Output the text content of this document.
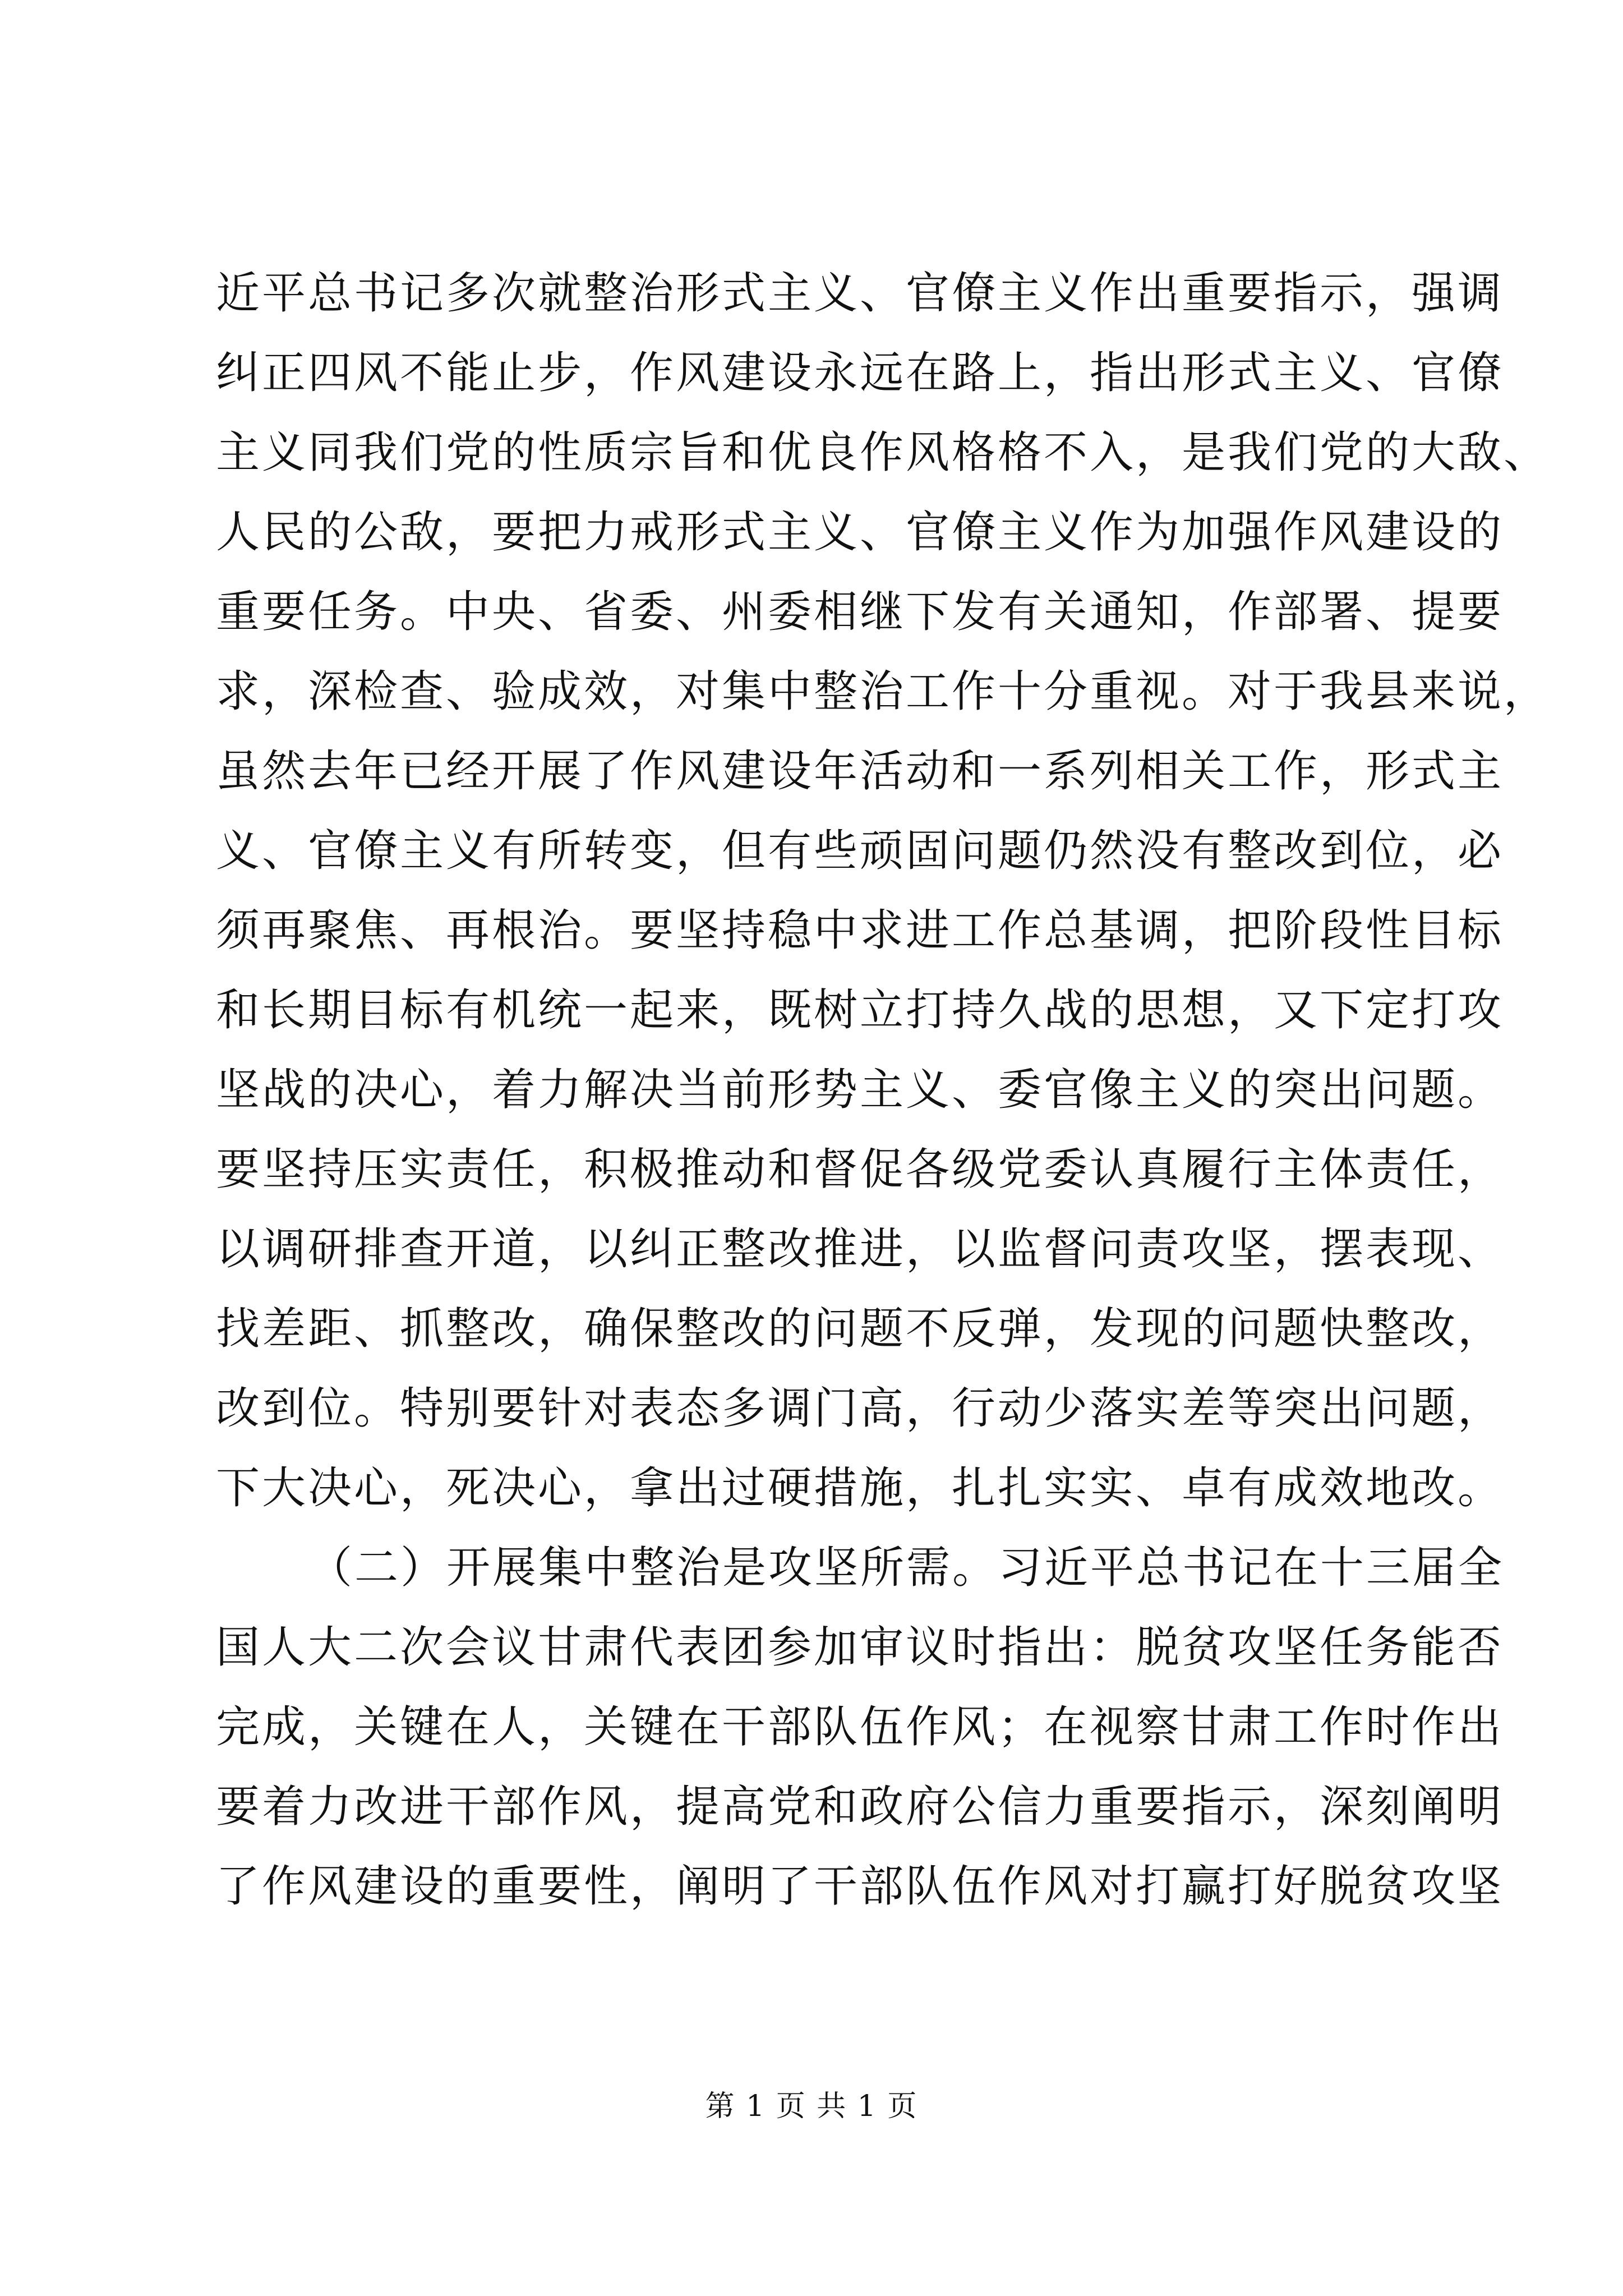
近平总书记多次就整治形式主义、官僚主义作出重要指示，强调
纠正四风不能止步，作风建设永远在路上，指出形式主义、官僚
主义同我们党的性质宗旨和优良作风格格不入，是我们党的大敌、
人民的公敌，要把力戒形式主义、官僚主义作为加强作风建设的
重要任务。中央、省委、州委相继下发有关通知，作部署、提要
求，深检查、验成效，对集中整治工作十分重视。对于我县来说，
虽然去年已经开展了作风建设年活动和一系列相关工作，形式主
义、官僚主义有所转变，但有些顽固问题仍然没有整改到位，必
须再聚焦、再根治。要坚持稳中求进工作总基调，把阶段性目标
和长期目标有机统一起来，既树立打持久战的思想，又下定打攻
坚战的决心，着力解决当前形势主义、委官像主义的突出问题。
要坚持压实责任，积极推动和督促各级党委认真履行主体责任，
以调研排查开道，以纠正整改推进，以监督问责攻坚，摆表现、
找差距、抓整改，确保整改的问题不反弹，发现的问题快整改，
改到位。特别要针对表态多调门高，行动少落实差等突出问题，
下大决心，死决心，拿出过硬措施，扎扎实实、卓有成效地改。
（二）开展集中整治是攻坚所需。习近平总书记在十三届全
国人大二次会议甘肃代表团参加审议时指出：脱贫攻坚任务能否
完成，关键在人，关键在干部队伍作风；在视察甘肃工作时作出
要着力改进干部作风，提高党和政府公信力重要指示，深刻阐明
了作风建设的重要性，阐明了干部队伍作风对打赢打好脱贫攻坚
第 1 页 共 1 页
